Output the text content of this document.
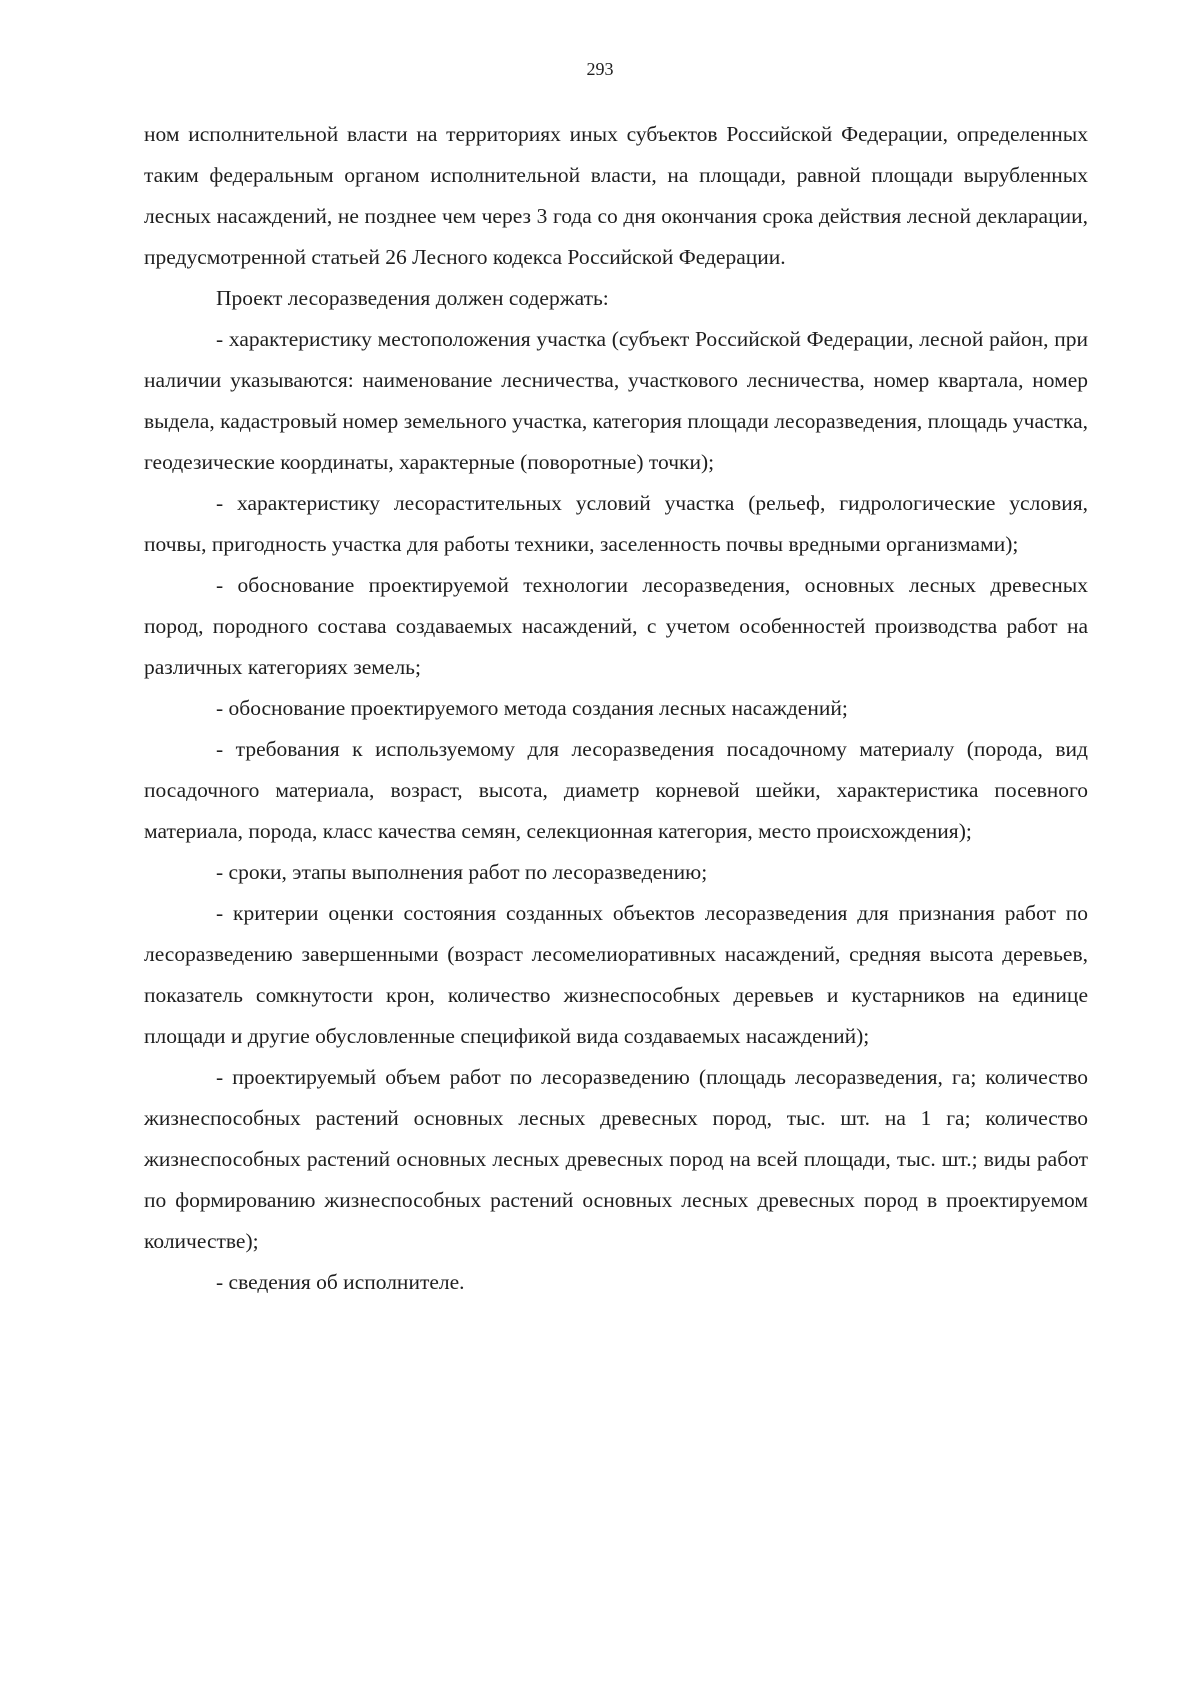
293

ном исполнительной власти на территориях иных субъектов Российской Федерации, определенных таким федеральным органом исполнительной власти, на площади, равной площади вырубленных лесных насаждений, не позднее чем через 3 года со дня окончания срока действия лесной декларации, предусмотренной статьей 26 Лесного кодекса Российской Федерации.

Проект лесоразведения должен содержать:

- характеристику местоположения участка (субъект Российской Федерации, лесной район, при наличии указываются: наименование лесничества, участкового лесничества, номер квартала, номер выдела, кадастровый номер земельного участка, категория площади лесоразведения, площадь участка, геодезические координаты, характерные (поворотные) точки);

- характеристику лесорастительных условий участка (рельеф, гидрологические условия, почвы, пригодность участка для работы техники, заселенность почвы вредными организмами);

- обоснование проектируемой технологии лесоразведения, основных лесных древесных пород, породного состава создаваемых насаждений, с учетом особенностей производства работ на различных категориях земель;

- обоснование проектируемого метода создания лесных насаждений;

- требования к используемому для лесоразведения посадочному материалу (порода, вид посадочного материала, возраст, высота, диаметр корневой шейки, характеристика посевного материала, порода, класс качества семян, селекционная категория, место происхождения);

- сроки, этапы выполнения работ по лесоразведению;

- критерии оценки состояния созданных объектов лесоразведения для признания работ по лесоразведению завершенными (возраст лесомелиоративных насаждений, средняя высота деревьев, показатель сомкнутости крон, количество жизнеспособных деревьев и кустарников на единице площади и другие обусловленные спецификой вида создаваемых насаждений);

- проектируемый объем работ по лесоразведению (площадь лесоразведения, га; количество жизнеспособных растений основных лесных древесных пород, тыс. шт. на 1 га; количество жизнеспособных растений основных лесных древесных пород на всей площади, тыс. шт.; виды работ по формированию жизнеспособных растений основных лесных древесных пород в проектируемом количестве);

- сведения об исполнителе.
